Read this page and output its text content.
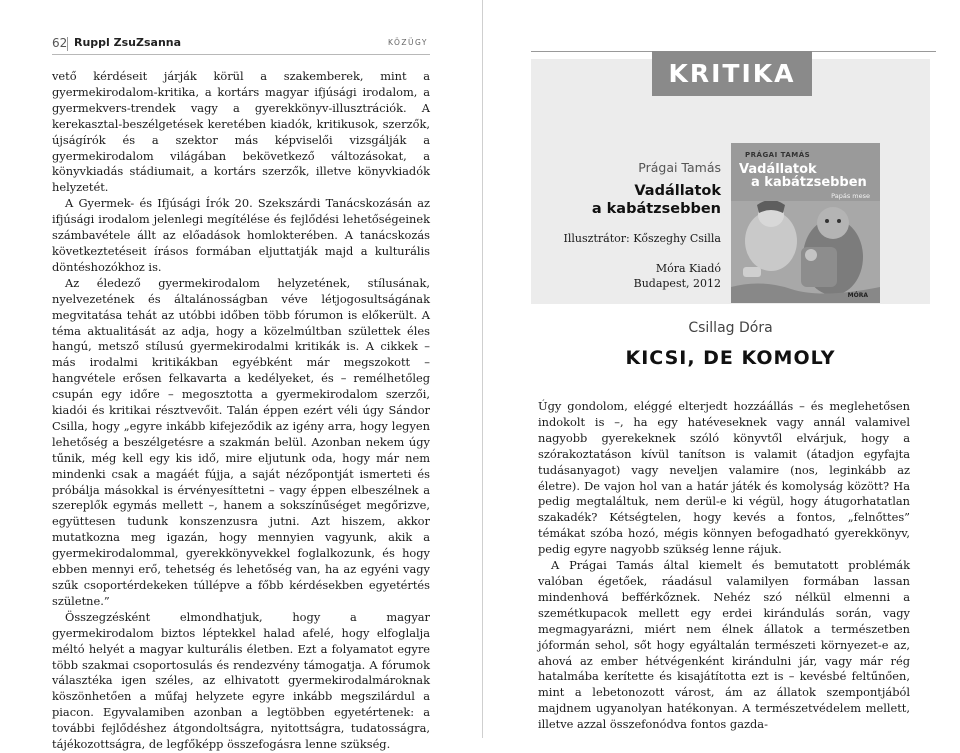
62 Ruppl ZsuZsanna	KÖZÜGY

vető kérdéseit járják körül a szakemberek, mint a gyermekirodalom-kritika, a kortárs magyar ifjúsági irodalom, a gyermekvers-trendek vagy a gyerekkönyv-illusztrációk. A kerekasztal-beszélgetések keretében kiadók, kritikusok, szerzők, újságírók és a szektor más képviselői vizsgálják a gyermekirodalom világában bekövetkező változásokat, a könyvkiadás stádiumait, a kortárs szerzők, illetve könyvkiadók helyzetét.

A Gyermek- és Ifjúsági Írók 20. Szekszárdi Tanácskozásán az ifjúsági irodalom jelenlegi megítélése és fejlődési lehetőségeinek számbavétele állt az előadások homlokterében. A tanácskozás következtetéseit írásos formában eljuttatják majd a kulturális döntéshozókhoz is.

Az éledező gyermekirodalom helyzetének, stílusának, nyelvezetének és általánosságban véve létjogosultságának megvitatása tehát az utóbbi időben több fórumon is előkerült. A téma aktualitását az adja, hogy a közelmúltban születtek éles hangú, metsző stílusú gyermekirodalmi kritikák is. A cikkek – más irodalmi kritikákban egyébként már megszokott – hangvétele erősen felkavarta a kedélyeket, és – remélhetőleg csupán egy időre – megosztotta a gyermekirodalom szerzői, kiadói és kritikai résztvevőit. Talán éppen ezért véli úgy Sándor Csilla, hogy „egyre inkább kifejeződik az igény arra, hogy legyen lehetőség a beszélgetésre a szakmán belül. Azonban nekem úgy tűnik, még kell egy kis idő, mire eljutunk oda, hogy már nem mindenki csak a magáét fújja, a saját nézőpontját ismerteti és próbálja másokkal is érvényesíttetni – vagy éppen elbeszélnek a szereplők egymás mellett –, hanem a sokszínűséget megőrizve, együttesen tudunk konszenzusra jutni. Azt hiszem, akkor mutatkozna meg igazán, hogy mennyien vagyunk, akik a gyermekirodalommal, gyerekkönyvekkel foglalkozunk, és hogy ebben mennyi erő, tehetség és lehetőség van, ha az egyéni vagy szűk csoportérdekeken túllépve a főbb kérdésekben egyetértés születne.”

Összegzésként elmondhatjuk, hogy a magyar gyermekirodalom biztos léptekkel halad afelé, hogy elfoglalja méltó helyét a magyar kulturális életben. Ezt a folyamatot egyre több szakmai csoportosulás és rendezvény támogatja. A fórumok választéka igen széles, az elhivatott gyermekirodalmároknak köszönhetően a műfaj helyzete egyre inkább megszilárdul a piacon. Egyvalamiben azonban a legtöbben egyetértenek: a további fejlődéshez átgondoltságra, nyitottságra, tudatosságra, tájékozottságra, de legfőképp összefogásra lenne szükség.

KRITIKA
Prágai Tamás
Vadállatok
a kabátzsebben
Illusztrátor: Kőszeghy Csilla
Móra Kiadó
Budapest, 2012
PRÁGAI TAMÁS
Vadállatok
a kabátzsebben
Papás mese
MÓRA
Csillag Dóra
KICSI, DE KOMOLY

Úgy gondolom, eléggé elterjedt hozzáállás – és meglehetősen indokolt is –, ha egy hatéveseknek vagy annál valamivel nagyobb gyerekeknek szóló könyvtől elvárjuk, hogy a szórakoztatáson kívül tanítson is valamit (átadjon egyfajta tudásanyagot) vagy neveljen valamire (nos, leginkább az életre). De vajon hol van a határ játék és komolyság között? Ha pedig megtaláltuk, nem derül-e ki végül, hogy átugorhatatlan szakadék? Kétségtelen, hogy kevés a fontos, „felnőttes” témákat szóba hozó, mégis könnyen befogadható gyerekkönyv, pedig egyre nagyobb szükség lenne rájuk.

A Prágai Tamás által kiemelt és bemutatott problémák valóban égetőek, ráadásul valamilyen formában lassan mindenhová befférkőznek. Nehéz szó nélkül elmenni a szemétkupacok mellett egy erdei kirándulás során, vagy megmagyarázni, miért nem élnek állatok a természetben jóformán sehol, sőt hogy egyáltalán természeti környezet-e az, ahová az ember hétvégenként kirándulni jár, vagy már rég hatalmába kerítette és kisajátította ezt is – kevésbé feltűnően, mint a lebetonozott várost, ám az állatok szempontjából majdnem ugyanolyan hatékonyan. A természetvédelem mellett, illetve azzal összefonódva fontos gazda-
